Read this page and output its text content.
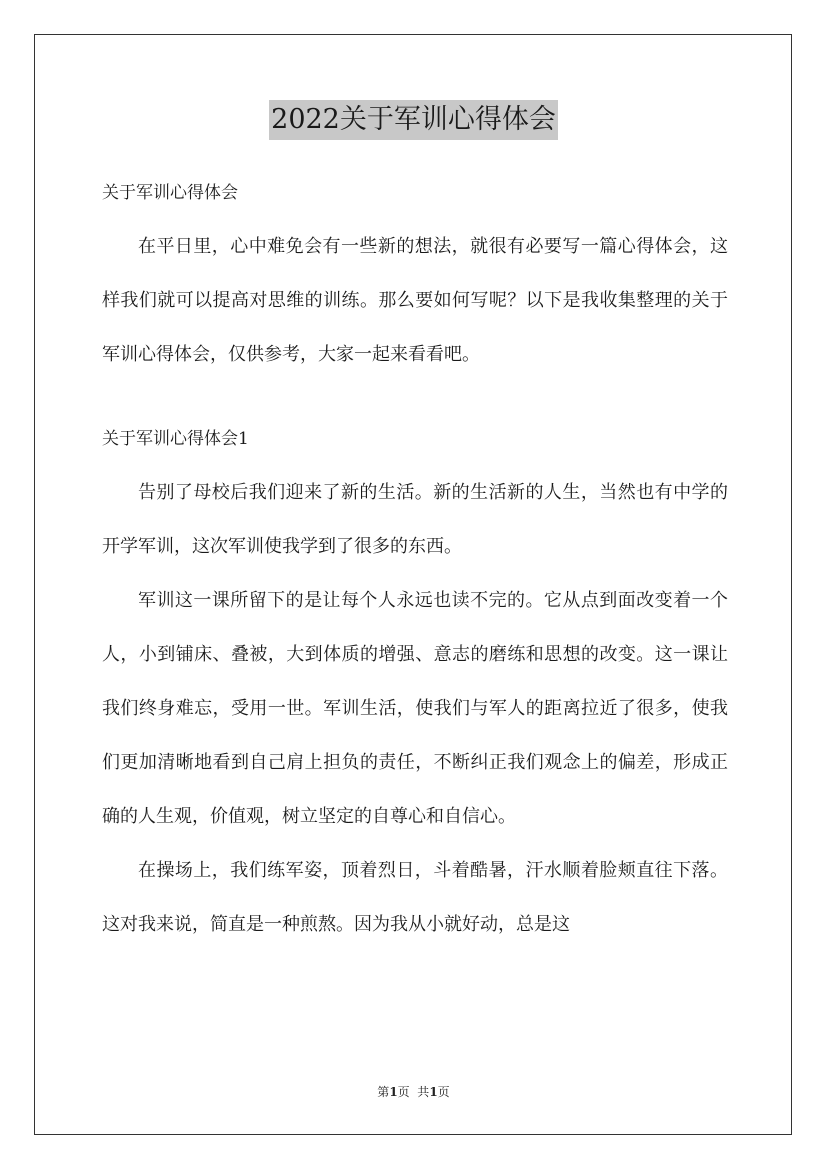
2022关于军训心得体会
关于军训心得体会

在平日里，心中难免会有一些新的想法，就很有必要写一篇心得体会，这样我们就可以提高对思维的训练。那么要如何写呢？以下是我收集整理的关于军训心得体会，仅供参考，大家一起来看看吧。

关于军训心得体会1

告别了母校后我们迎来了新的生活。新的生活新的人生，当然也有中学的开学军训，这次军训使我学到了很多的东西。

军训这一课所留下的是让每个人永远也读不完的。它从点到面改变着一个人，小到铺床、叠被，大到体质的增强、意志的磨练和思想的改变。这一课让我们终身难忘，受用一世。军训生活，使我们与军人的距离拉近了很多，使我们更加清晰地看到自己肩上担负的责任，不断纠正我们观念上的偏差，形成正确的人生观，价值观，树立坚定的自尊心和自信心。

在操场上，我们练军姿，顶着烈日，斗着酷暑，汗水顺着脸颊直往下落。这对我来说，简直是一种煎熬。因为我从小就好动，总是这

第1页  共1页
